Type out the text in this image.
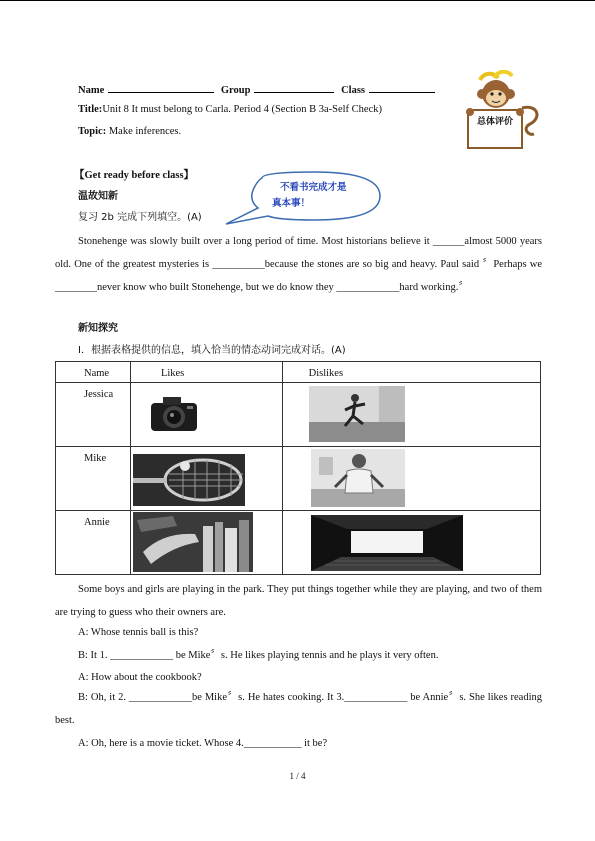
Name	Group	Class
Title:Unit 8 It must belong to Carla. Period 4 (Section B 3a-Self Check)
Topic: Make inferences.
总体评价
不看书完成才是
真本事！
【Get ready before class】
温故知新
复习 2b 完成下列填空。(A)
Stonehenge was slowly built over a long period of time. Most historians believe it ______almost 5000 years old. One of the greatest mysteries is __________because the stones are so big and heavy. Paul said 〞Perhaps we ________never know who built Stonehenge, but we do know they ____________hard working.〞
新知探究
Ⅰ．根据表格提供的信息，填入恰当的情态动词完成对话。(A)
Name	Likes	Dislikes

Jessica

Mike

Annie

Some boys and girls are playing in the park. They put things together while they are playing, and two of them are trying to guess who their owners are.
A: Whose tennis ball is this?
B: It 1. ____________ be Mike〞s. He likes playing tennis and he plays it very often.
A: How about the cookbook?
B: Oh, it 2. ____________be Mike〞s. He hates cooking. It 3.____________ be Annie〞s. She likes reading best.
A: Oh, here is a movie ticket. Whose 4.___________ it be?
1 / 4
